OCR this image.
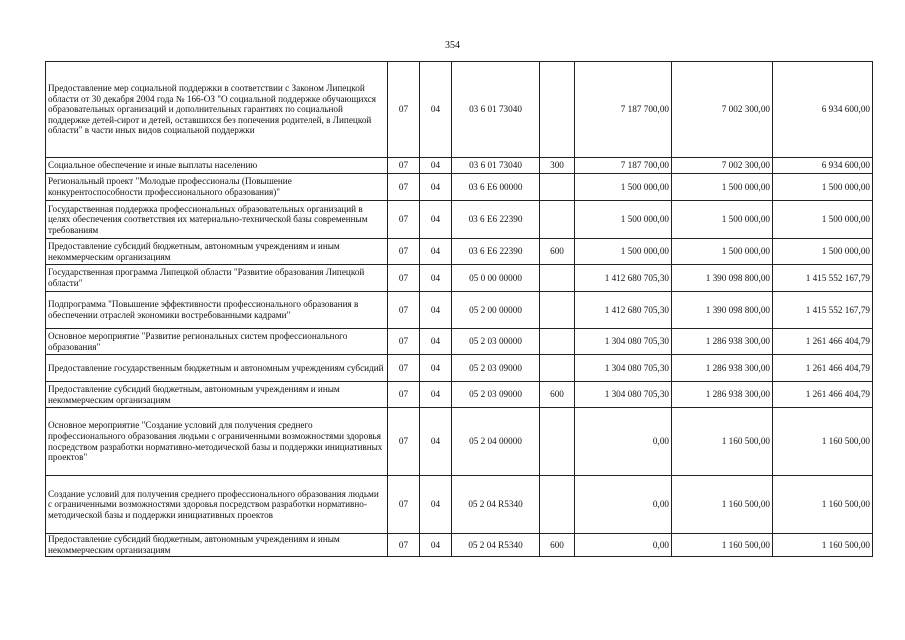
354
Предоставление мер социальной поддержки в соответствии с Законом Липецкой области от 30 декабря 2004 года № 166-ОЗ "О социальной поддержке обучающихся образовательных организаций и дополнительных гарантиях по социальной поддержке детей-сирот и детей, оставшихся без попечения родителей, в Липецкой области" в части иных видов социальной поддержки	07	04	03 6 01 73040		7 187 700,00	7 002 300,00	6 934 600,00
Социальное обеспечение и иные выплаты населению	07	04	03 6 01 73040	300	7 187 700,00	7 002 300,00	6 934 600,00
Региональный проект "Молодые профессионалы (Повышение конкурентоспособности профессионального образования)"	07	04	03 6 Е6 00000		1 500 000,00	1 500 000,00	1 500 000,00
Государственная поддержка профессиональных образовательных организаций в целях обеспечения соответствия их материально-технической базы современным требованиям	07	04	03 6 Е6 22390		1 500 000,00	1 500 000,00	1 500 000,00
Предоставление субсидий бюджетным, автономным учреждениям и иным некоммерческим организациям	07	04	03 6 Е6 22390	600	1 500 000,00	1 500 000,00	1 500 000,00
Государственная программа Липецкой области "Развитие образования Липецкой области"	07	04	05 0 00 00000		1 412 680 705,30	1 390 098 800,00	1 415 552 167,79
Подпрограмма "Повышение эффективности профессионального образования в обеспечении отраслей экономики востребованными кадрами"	07	04	05 2 00 00000		1 412 680 705,30	1 390 098 800,00	1 415 552 167,79
Основное мероприятие "Развитие региональных систем профессионального образования"	07	04	05 2 03 00000		1 304 080 705,30	1 286 938 300,00	1 261 466 404,79
Предоставление государственным бюджетным и автономным учреждениям субсидий	07	04	05 2 03 09000		1 304 080 705,30	1 286 938 300,00	1 261 466 404,79
Предоставление субсидий бюджетным, автономным учреждениям и иным некоммерческим организациям	07	04	05 2 03 09000	600	1 304 080 705,30	1 286 938 300,00	1 261 466 404,79
Основное мероприятие "Создание условий для получения среднего профессионального образования людьми с ограниченными возможностями здоровья посредством разработки нормативно-методической базы и поддержки инициативных проектов"	07	04	05 2 04 00000		0,00	1 160 500,00	1 160 500,00
Создание условий для получения среднего профессионального образования людьми с ограниченными возможностями здоровья посредством разработки нормативно-методической базы и поддержки инициативных проектов	07	04	05 2 04 R5340		0,00	1 160 500,00	1 160 500,00
Предоставление субсидий бюджетным, автономным учреждениям и иным некоммерческим организациям	07	04	05 2 04 R5340	600	0,00	1 160 500,00	1 160 500,00
